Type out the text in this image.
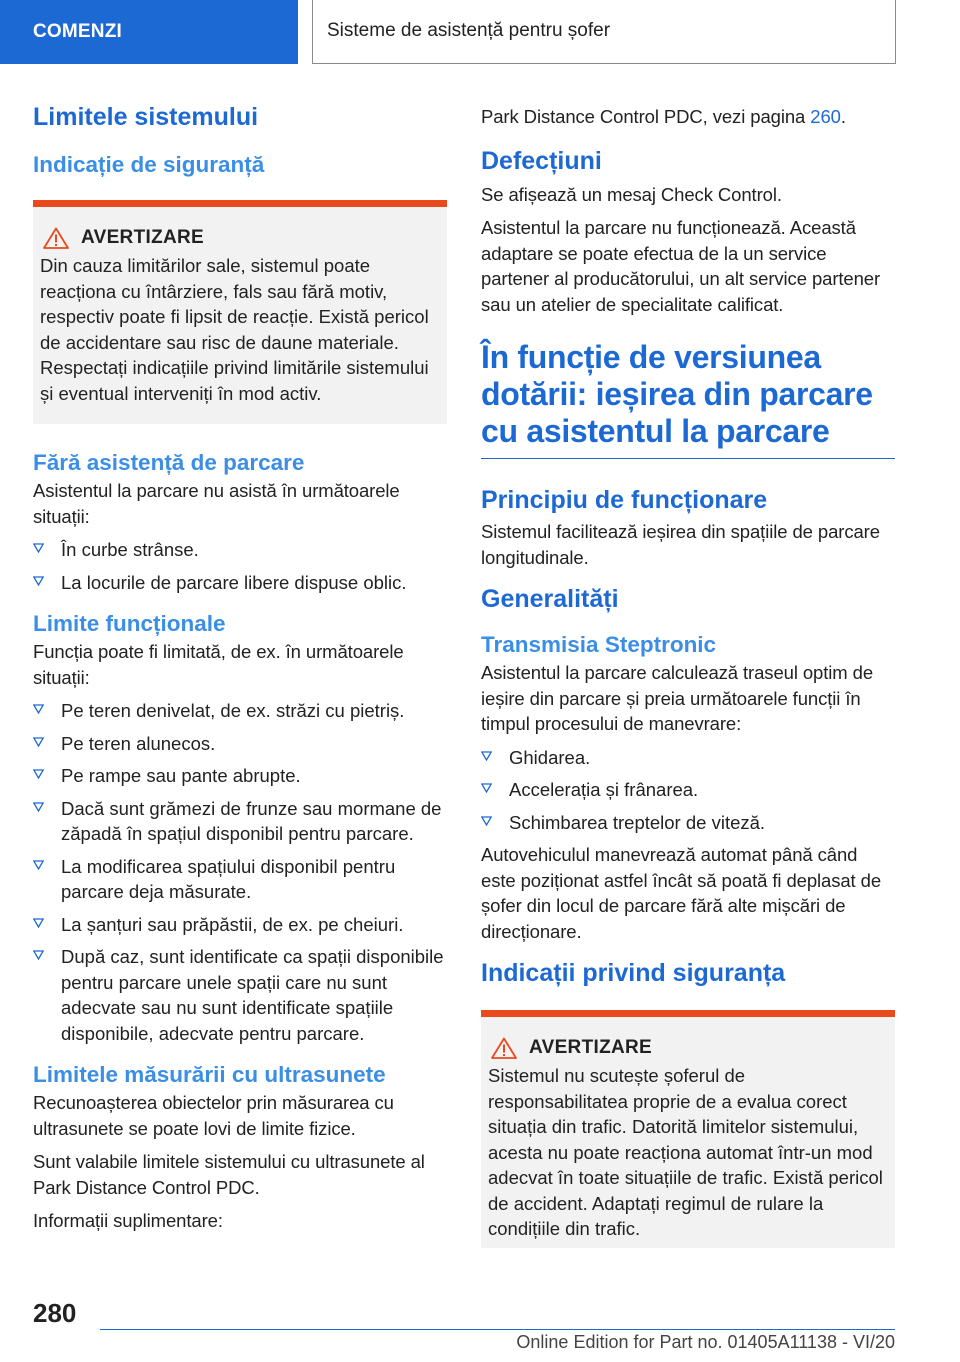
COMENZI	Sisteme de asistență pentru șofer
Limitele sistemului
Indicație de siguranță
AVERTIZARE
Din cauza limitărilor sale, sistemul poate reacționa cu întârziere, fals sau fără motiv, respectiv poate fi lipsit de reacție. Există pericol de accidentare sau risc de daune materiale. Respectați indicațiile privind limitările sistemului și eventual interveniți în mod activ.
Fără asistență de parcare

Asistentul la parcare nu asistă în următoarele situații:

În curbe strânse.
La locurile de parcare libere dispuse oblic.
Limite funcționale

Funcția poate fi limitată, de ex. în următoarele situații:

Pe teren denivelat, de ex. străzi cu pietriș.
Pe teren alunecos.
Pe rampe sau pante abrupte.
Dacă sunt grămezi de frunze sau mormane de zăpadă în spațiul disponibil pentru parcare.
La modificarea spațiului disponibil pentru parcare deja măsurate.
La șanțuri sau prăpăstii, de ex. pe cheiuri.
După caz, sunt identificate ca spații disponibile pentru parcare unele spații care nu sunt adecvate sau nu sunt identificate spațiile disponibile, adecvate pentru parcare.
Limitele măsurării cu ultrasunete

Recunoașterea obiectelor prin măsurarea cu ultrasunete se poate lovi de limite fizice.

Sunt valabile limitele sistemului cu ultrasunete al Park Distance Control PDC.

Informații suplimentare:

Park Distance Control PDC, vezi pagina 260.

Defecțiuni

Se afișează un mesaj Check Control.

Asistentul la parcare nu funcționează. Această adaptare se poate efectua de la un service partener al producătorului, un alt service partener sau un atelier de specialitate calificat.

În funcție de versiunea dotării: ieșirea din parcare cu asistentul la parcare
Principiu de funcționare

Sistemul facilitează ieșirea din spațiile de parcare longitudinale.

Generalități
Transmisia Steptronic

Asistentul la parcare calculează traseul optim de ieșire din parcare și preia următoarele funcții în timpul procesului de manevrare:

Ghidarea.
Accelerația și frânarea.
Schimbarea treptelor de viteză.

Autovehiculul manevrează automat până când este poziționat astfel încât să poată fi deplasat de șofer din locul de parcare fără alte mișcări de direcționare.

Indicații privind siguranța
AVERTIZARE
Sistemul nu scutește șoferul de responsabilitatea proprie de a evalua corect situația din trafic. Datorită limitelor sistemului, acesta nu poate reacționa automat într-un mod adecvat în toate situațiile de trafic. Există pericol de accident. Adaptați regimul de rulare la condițiile din trafic.
280
Online Edition for Part no. 01405A11138 - VI/20
